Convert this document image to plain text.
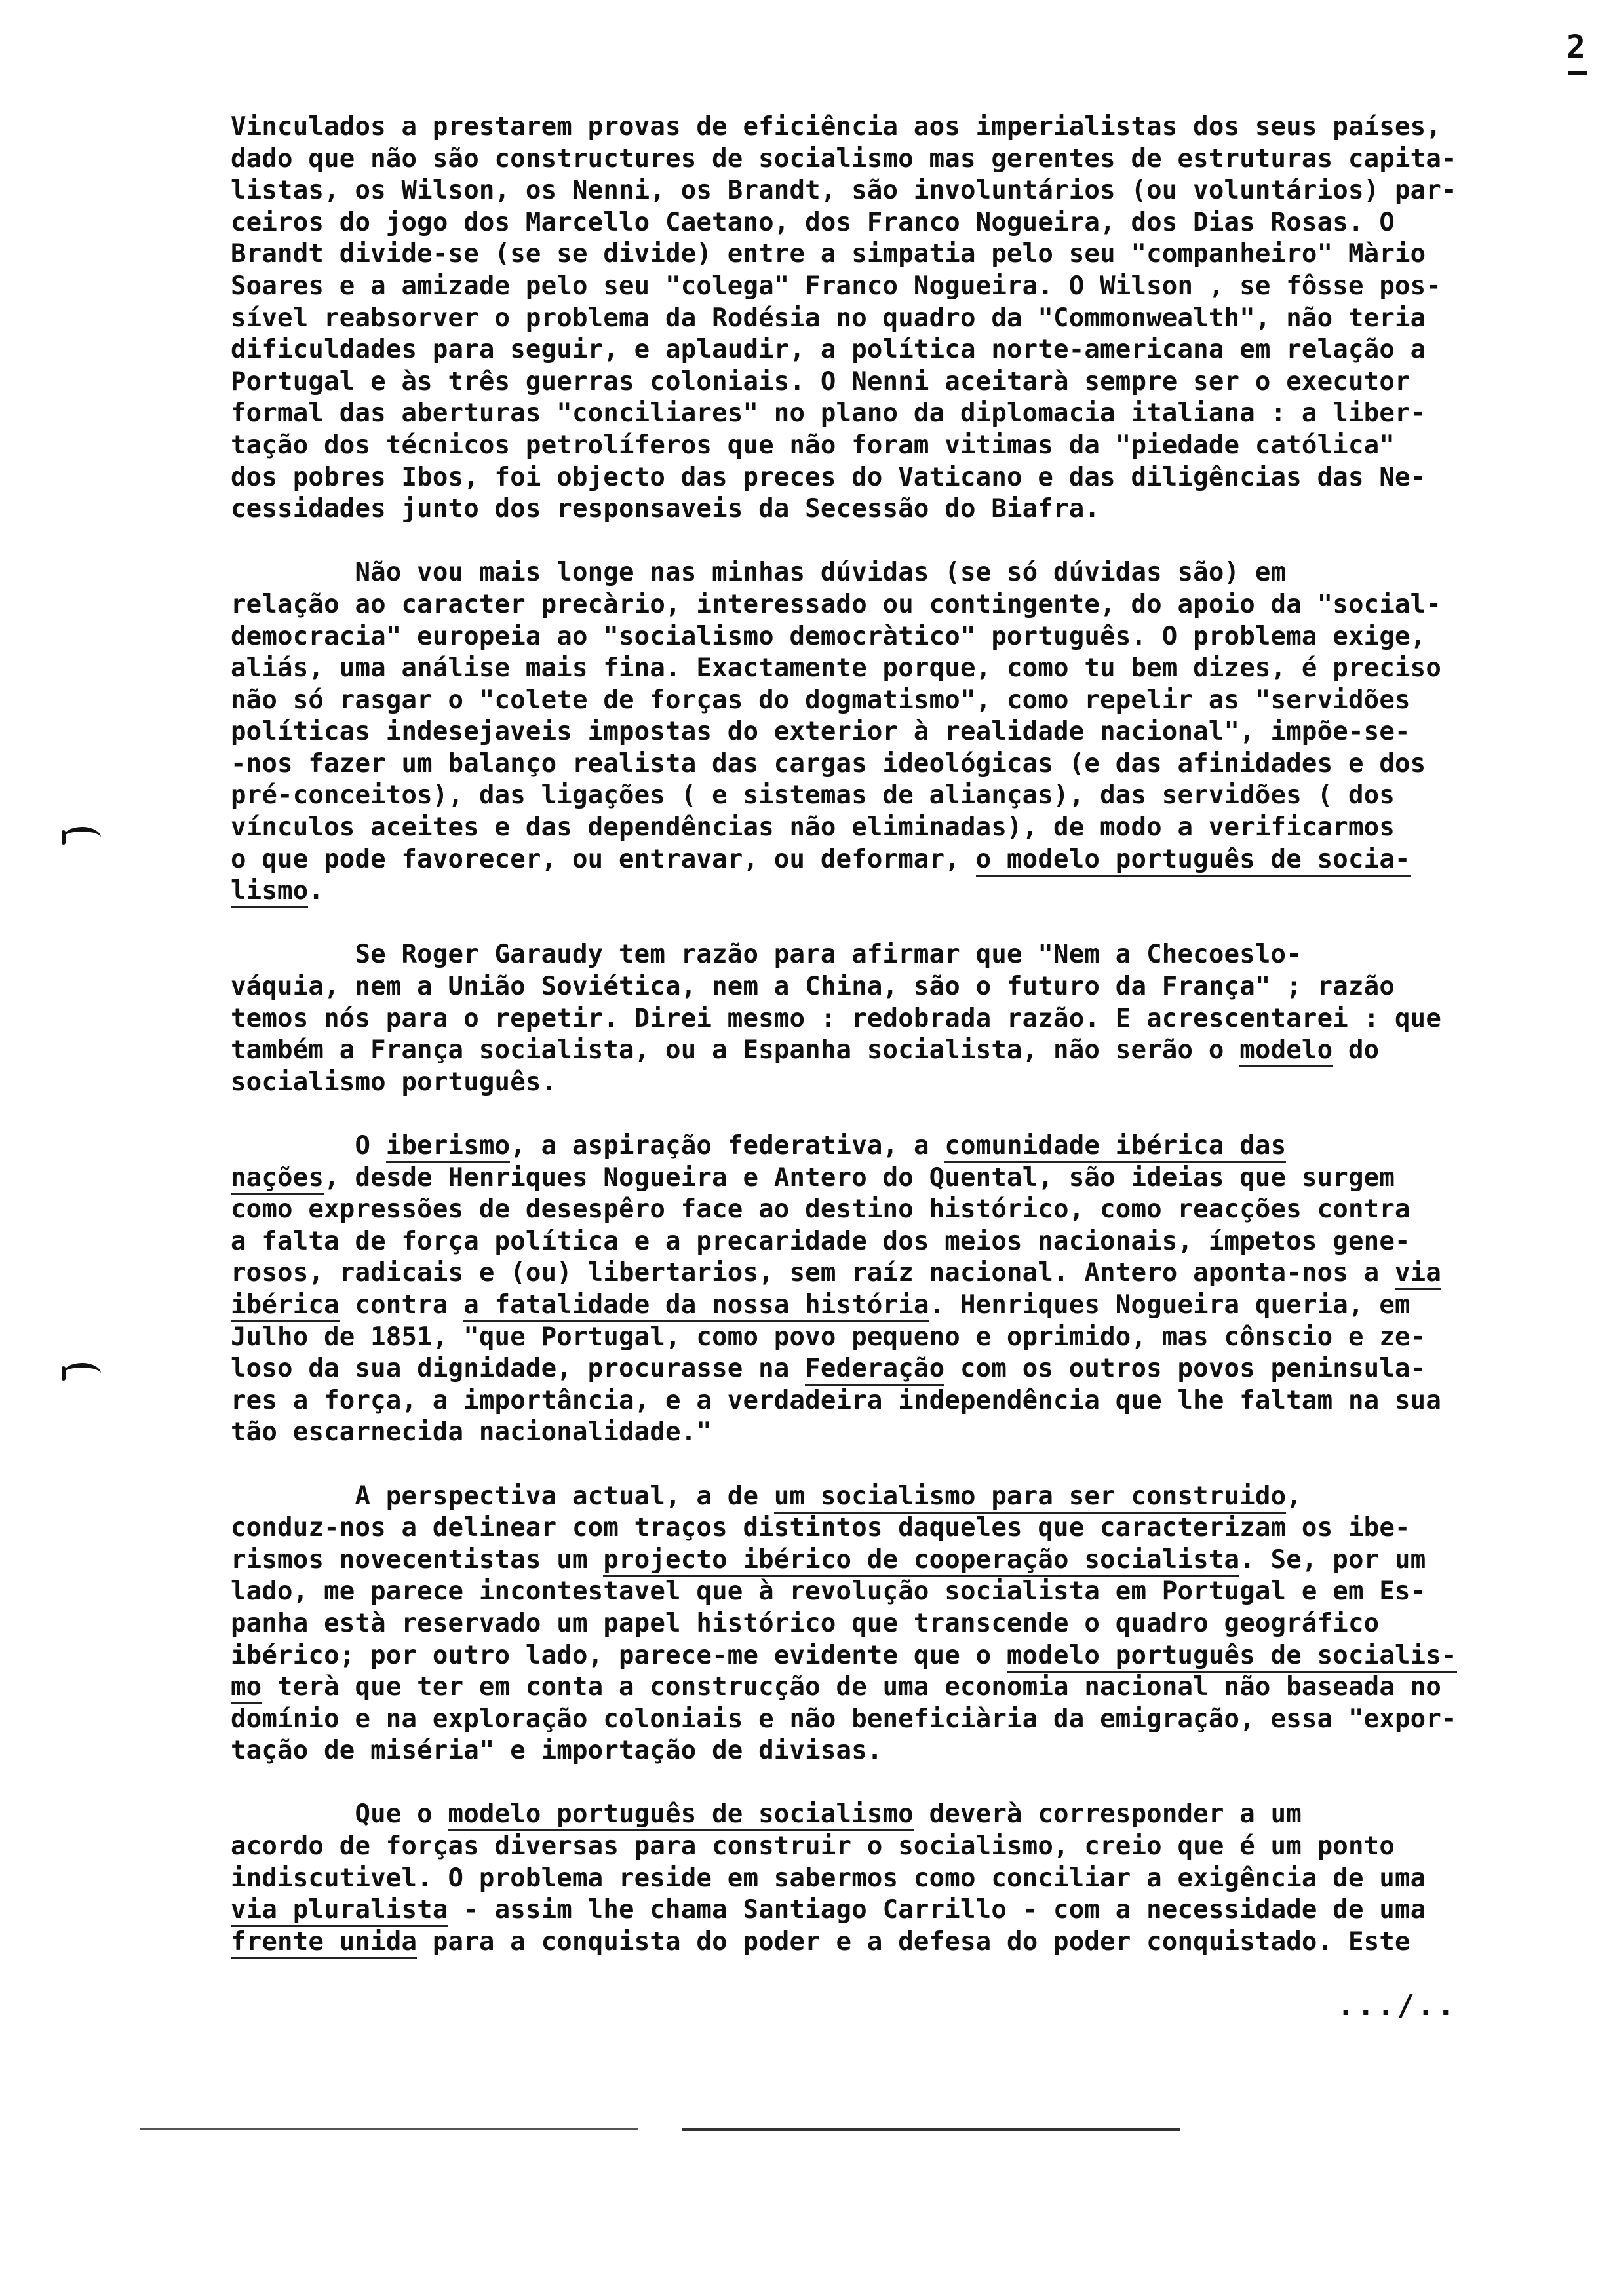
2
Vinculados a prestarem provas de eficiência aos imperialistas dos seus países,
dado que não são constructures de socialismo mas gerentes de estruturas capita-
listas, os Wilson, os Nenni, os Brandt, são involuntários (ou voluntários) par-
ceiros do jogo dos Marcello Caetano, dos Franco Nogueira, dos Dias Rosas. O
Brandt divide-se (se se divide) entre a simpatia pelo seu "companheiro" Màrio
Soares e a amizade pelo seu "colega" Franco Nogueira. O Wilson , se fôsse pos-
sível reabsorver o problema da Rodésia no quadro da "Commonwealth", não teria
dificuldades para seguir, e aplaudir, a política norte-americana em relação a
Portugal e às três guerras coloniais. O Nenni aceitarà sempre ser o executor
formal das aberturas "conciliares" no plano da diplomacia italiana : a liber-
tação dos técnicos petrolíferos que não foram vitimas da "piedade católica"
dos pobres Ibos, foi objecto das preces do Vaticano e das diligências das Ne-
cessidades junto dos responsaveis da Secessão do Biafra.
Não vou mais longe nas minhas dúvidas (se só dúvidas são) em
relação ao caracter precàrio, interessado ou contingente, do apoio da "social-
democracia" europeia ao "socialismo democràtico" português. O problema exige,
aliás, uma análise mais fina. Exactamente porque, como tu bem dizes, é preciso
não só rasgar o "colete de forças do dogmatismo", como repelir as "servidões
políticas indesejaveis impostas do exterior à realidade nacional", impõe-se-
-nos fazer um balanço realista das cargas ideológicas (e das afinidades e dos
pré-conceitos), das ligações ( e sistemas de alianças), das servidões ( dos
vínculos aceites e das dependências não eliminadas), de modo a verificarmos
o que pode favorecer, ou entravar, ou deformar, o modelo português de socia-
lismo.
Se Roger Garaudy tem razão para afirmar que "Nem a Checoeslo-
váquia, nem a União Soviética, nem a China, são o futuro da França" ; razão
temos nós para o repetir. Direi mesmo : redobrada razão. E acrescentarei : que
também a França socialista, ou a Espanha socialista, não serão o modelo do
socialismo português.
O iberismo, a aspiração federativa, a comunidade ibérica das
nações, desde Henriques Nogueira e Antero do Quental, são ideias que surgem
como expressões de desespêro face ao destino histórico, como reacções contra
a falta de força política e a precaridade dos meios nacionais, ímpetos gene-
rosos, radicais e (ou) libertarios, sem raíz nacional. Antero aponta-nos a via
ibérica contra a fatalidade da nossa história. Henriques Nogueira queria, em
Julho de 1851, "que Portugal, como povo pequeno e oprimido, mas cônscio e ze-
loso da sua dignidade, procurasse na Federação com os outros povos peninsula-
res a força, a importância, e a verdadeira independência que lhe faltam na sua
tão escarnecida nacionalidade."
A perspectiva actual, a de um socialismo para ser construido,
conduz-nos a delinear com traços distintos daqueles que caracterizam os ibe-
rismos novecentistas um projecto ibérico de cooperação socialista. Se, por um
lado, me parece incontestavel que à revolução socialista em Portugal e em Es-
panha està reservado um papel histórico que transcende o quadro geográfico
ibérico; por outro lado, parece-me evidente que o modelo português de socialis-
mo terà que ter em conta a construcção de uma economia nacional não baseada no
domínio e na exploração coloniais e não beneficiària da emigração, essa "expor-
tação de miséria" e importação de divisas.
Que o modelo português de socialismo deverà corresponder a um
acordo de forças diversas para construir o socialismo, creio que é um ponto
indiscutivel. O problema reside em sabermos como conciliar a exigência de uma
via pluralista - assim lhe chama Santiago Carrillo - com a necessidade de uma
frente unida para a conquista do poder e a defesa do poder conquistado. Este
.../..
